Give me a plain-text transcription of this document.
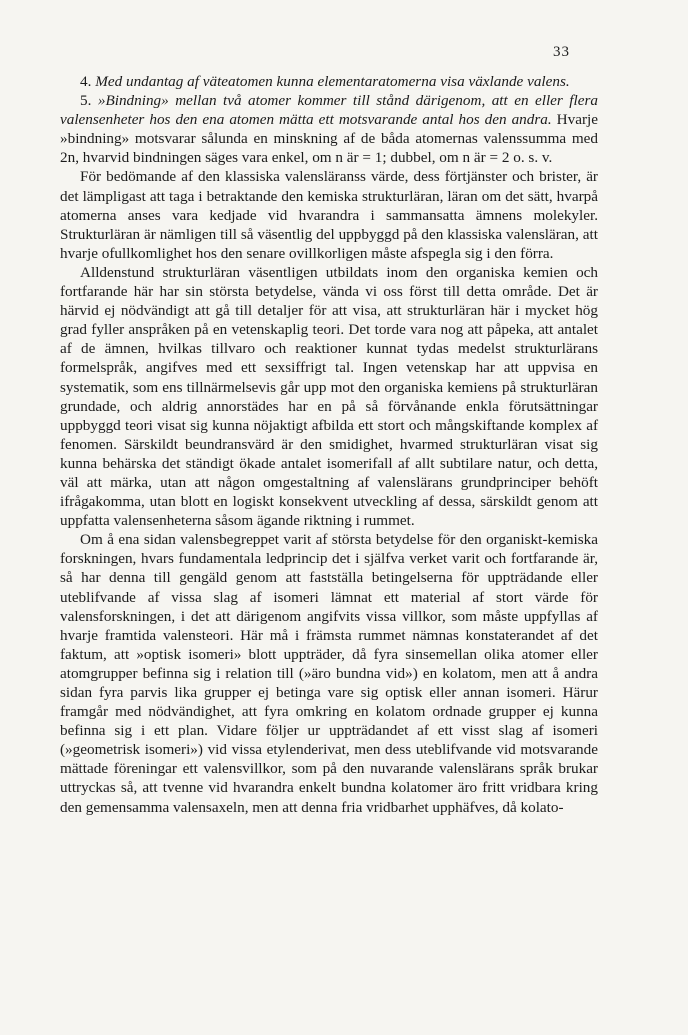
33

4. Med undantag af väteatomen kunna elementaratomerna visa växlande valens.

5. »Bindning» mellan två atomer kommer till stånd därigenom, att en eller flera valensenheter hos den ena atomen mätta ett motsvarande antal hos den andra. Hvarje »bindning» motsvarar sålunda en minskning af de båda atomernas valenssumma med 2n, hvarvid bindningen säges vara enkel, om n är = 1; dubbel, om n är = 2 o. s. v.

För bedömande af den klassiska valensläranss värde, dess förtjänster och brister, är det lämpligast att taga i betraktande den kemiska strukturläran, läran om det sätt, hvarpå atomerna anses vara kedjade vid hvarandra i sammansatta ämnens molekyler. Strukturläran är nämligen till så väsentlig del uppbyggd på den klassiska valensläran, att hvarje ofullkomlighet hos den senare ovillkorligen måste afspegla sig i den förra.

Alldenstund strukturläran väsentligen utbildats inom den organiska kemien och fortfarande här har sin största betydelse, vända vi oss först till detta område. Det är härvid ej nödvändigt att gå till detaljer för att visa, att strukturläran här i mycket hög grad fyller anspråken på en vetenskaplig teori. Det torde vara nog att påpeka, att antalet af de ämnen, hvilkas tillvaro och reaktioner kunnat tydas medelst strukturlärans formelspråk, angifves med ett sexsiffrigt tal. Ingen vetenskap har att uppvisa en systematik, som ens tillnärmelsevis går upp mot den organiska kemiens på strukturläran grundade, och aldrig annorstädes har en på så förvånande enkla förutsättningar uppbyggd teori visat sig kunna nöjaktigt afbilda ett stort och mångskiftande komplex af fenomen. Särskildt beundransvärd är den smidighet, hvarmed strukturläran visat sig kunna behärska det ständigt ökade antalet isomerifall af allt subtilare natur, och detta, väl att märka, utan att någon omgestaltning af valenslärans grundprinciper behöft ifrågakomma, utan blott en logiskt konsekvent utveckling af dessa, särskildt genom att uppfatta valensenheterna såsom ägande riktning i rummet.

Om å ena sidan valensbegreppet varit af största betydelse för den organiskt-kemiska forskningen, hvars fundamentala ledprincip det i själfva verket varit och fortfarande är, så har denna till gengäld genom att fastställa betingelserna för uppträdande eller uteblifvande af vissa slag af isomeri lämnat ett material af stort värde för valensforskningen, i det att därigenom angifvits vissa villkor, som måste uppfyllas af hvarje framtida valensteori. Här må i främsta rummet nämnas konstaterandet af det faktum, att »optisk isomeri» blott uppträder, då fyra sinsemellan olika atomer eller atomgrupper befinna sig i relation till (»äro bundna vid») en kolatom, men att å andra sidan fyra parvis lika grupper ej betinga vare sig optisk eller annan isomeri. Härur framgår med nödvändighet, att fyra omkring en kolatom ordnade grupper ej kunna befinna sig i ett plan. Vidare följer ur uppträdandet af ett visst slag af isomeri (»geometrisk isomeri») vid vissa etylenderivat, men dess uteblifvande vid motsvarande mättade föreningar ett valensvillkor, som på den nuvarande valenslärans språk brukar uttryckas så, att tvenne vid hvarandra enkelt bundna kolatomer äro fritt vridbara kring den gemensamma valensaxeln, men att denna fria vridbarhet upphäfves, då kolato-
